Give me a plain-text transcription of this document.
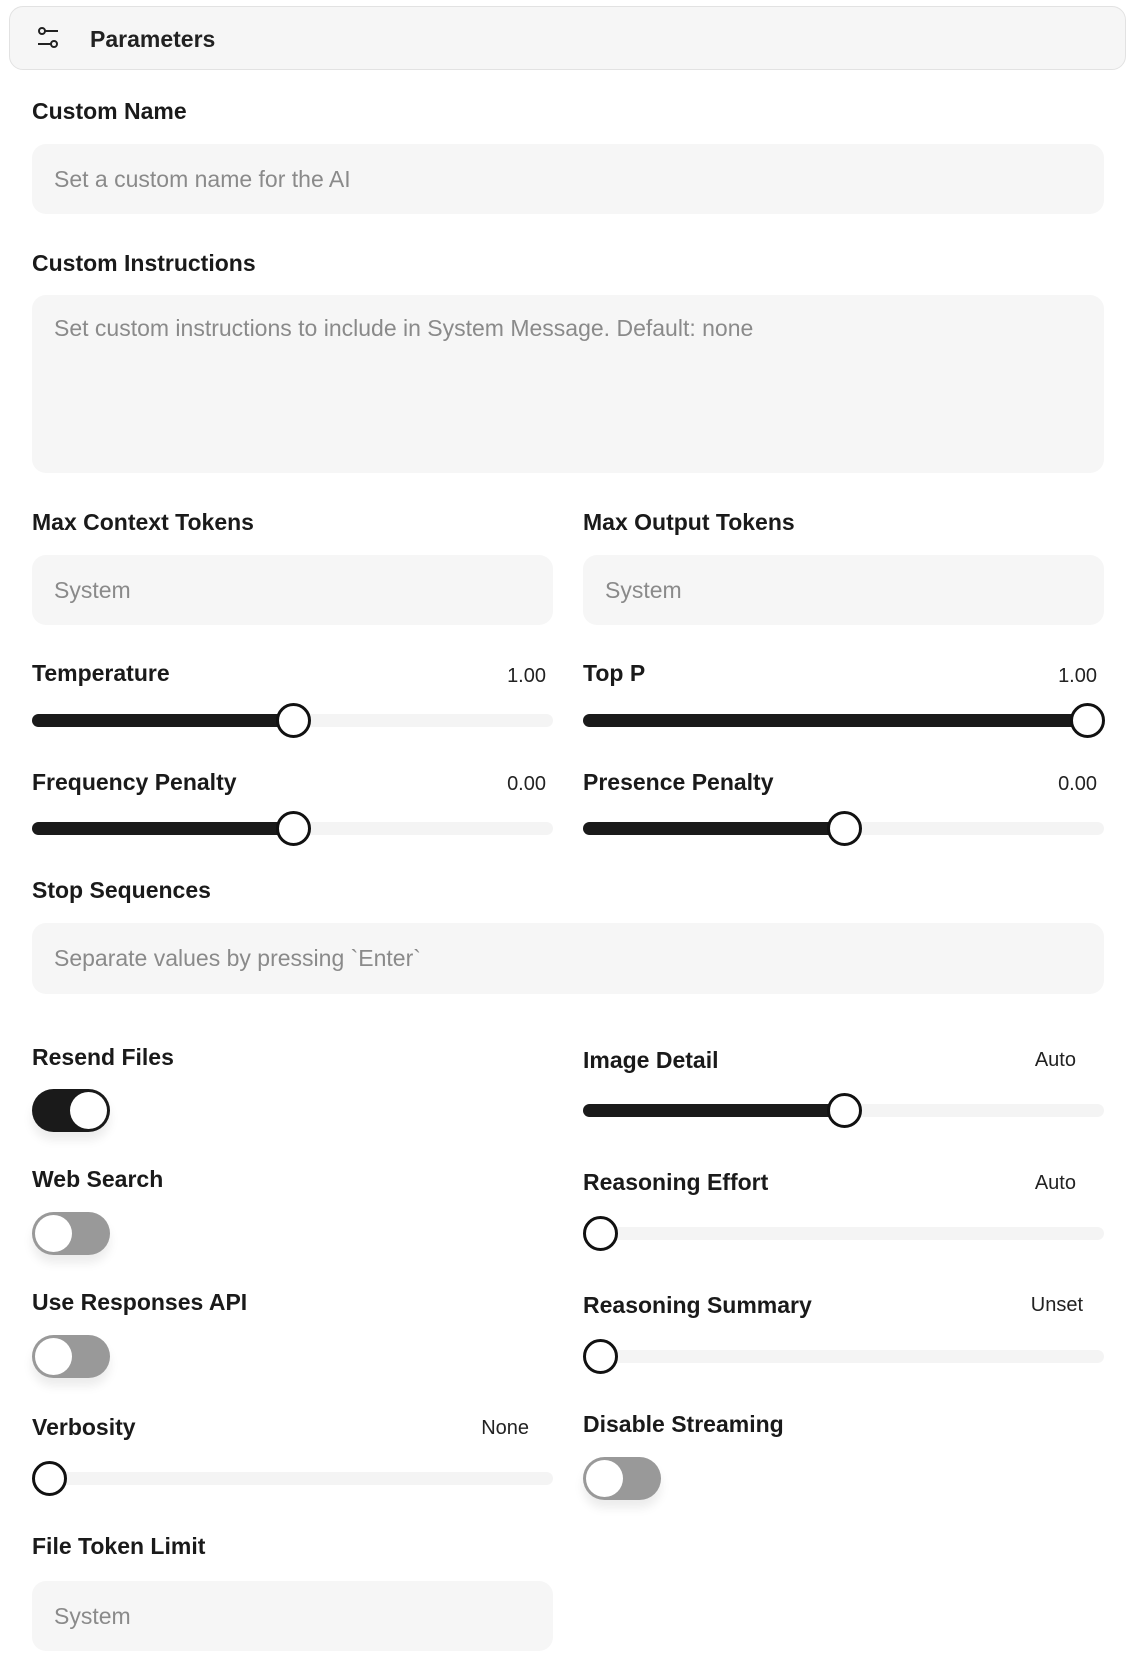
Parameters
Custom Name
Set a custom name for the AI
Custom Instructions
Set custom instructions to include in System Message. Default: none
Max Context Tokens
System	Max Output Tokens
System
Temperature	1.00 Top P	1.00
Frequency Penalty	0.00 Presence Penalty	0.00
Stop Sequences
Separate values by pressing `Enter`
Resend Files	Image Detail	Auto
Web Search	Reasoning Effort	Auto
Use Responses API	Reasoning Summary	Unset
Verbosity	None Disable Streaming
File Token Limit
System
